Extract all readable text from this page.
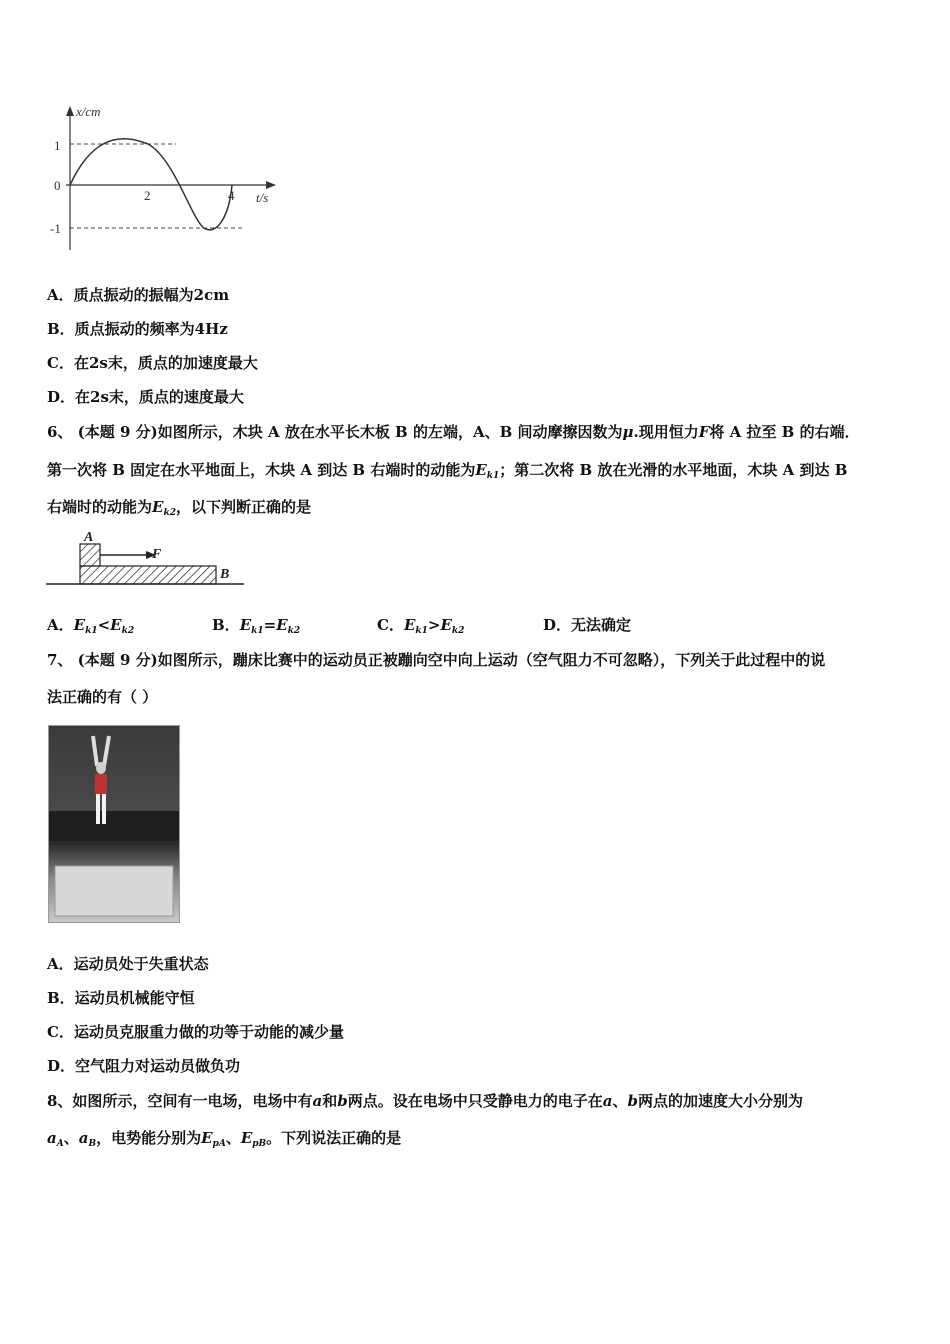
x/cm
t/s
1
0
-1
2	4
A．质点振动的振幅为2cm
B．质点振动的频率为4Hz
C．在2s末，质点的加速度最大
D．在2s末，质点的速度最大
6、 (本题 9 分)如图所示，木块 A 放在水平长木板 B 的左端，A、B 间动摩擦因数为μ.现用恒力F将 A 拉至 B 的右端．
第一次将 B 固定在水平地面上，木块 A 到达 B 右端时的动能为$E_{k1}$；第二次将 B 放在光滑的水平地面，木块 A 到达 B
右端时的动能为$E_{k2}$，以下判断正确的是
A
F
B
A．$E_{k1}<E_{k2}$	B．$E_{k1}=E_{k2}$	C．$E_{k1}>E_{k2}$	D．无法确定
7、 (本题 9 分)如图所示，蹦床比赛中的运动员正被蹦向空中向上运动（空气阻力不可忽略），下列关于此过程中的说
法正确的有（ ）
A．运动员处于失重状态
B．运动员机械能守恒
C．运动员克服重力做的功等于动能的减少量
D．空气阻力对运动员做负功
8、如图所示，空间有一电场，电场中有a和b两点。设在电场中只受静电力的电子在a、b两点的加速度大小分别为
$a_A$、$a_B$，电势能分别为$E_{pA}$、$E_{pB}$。下列说法正确的是
